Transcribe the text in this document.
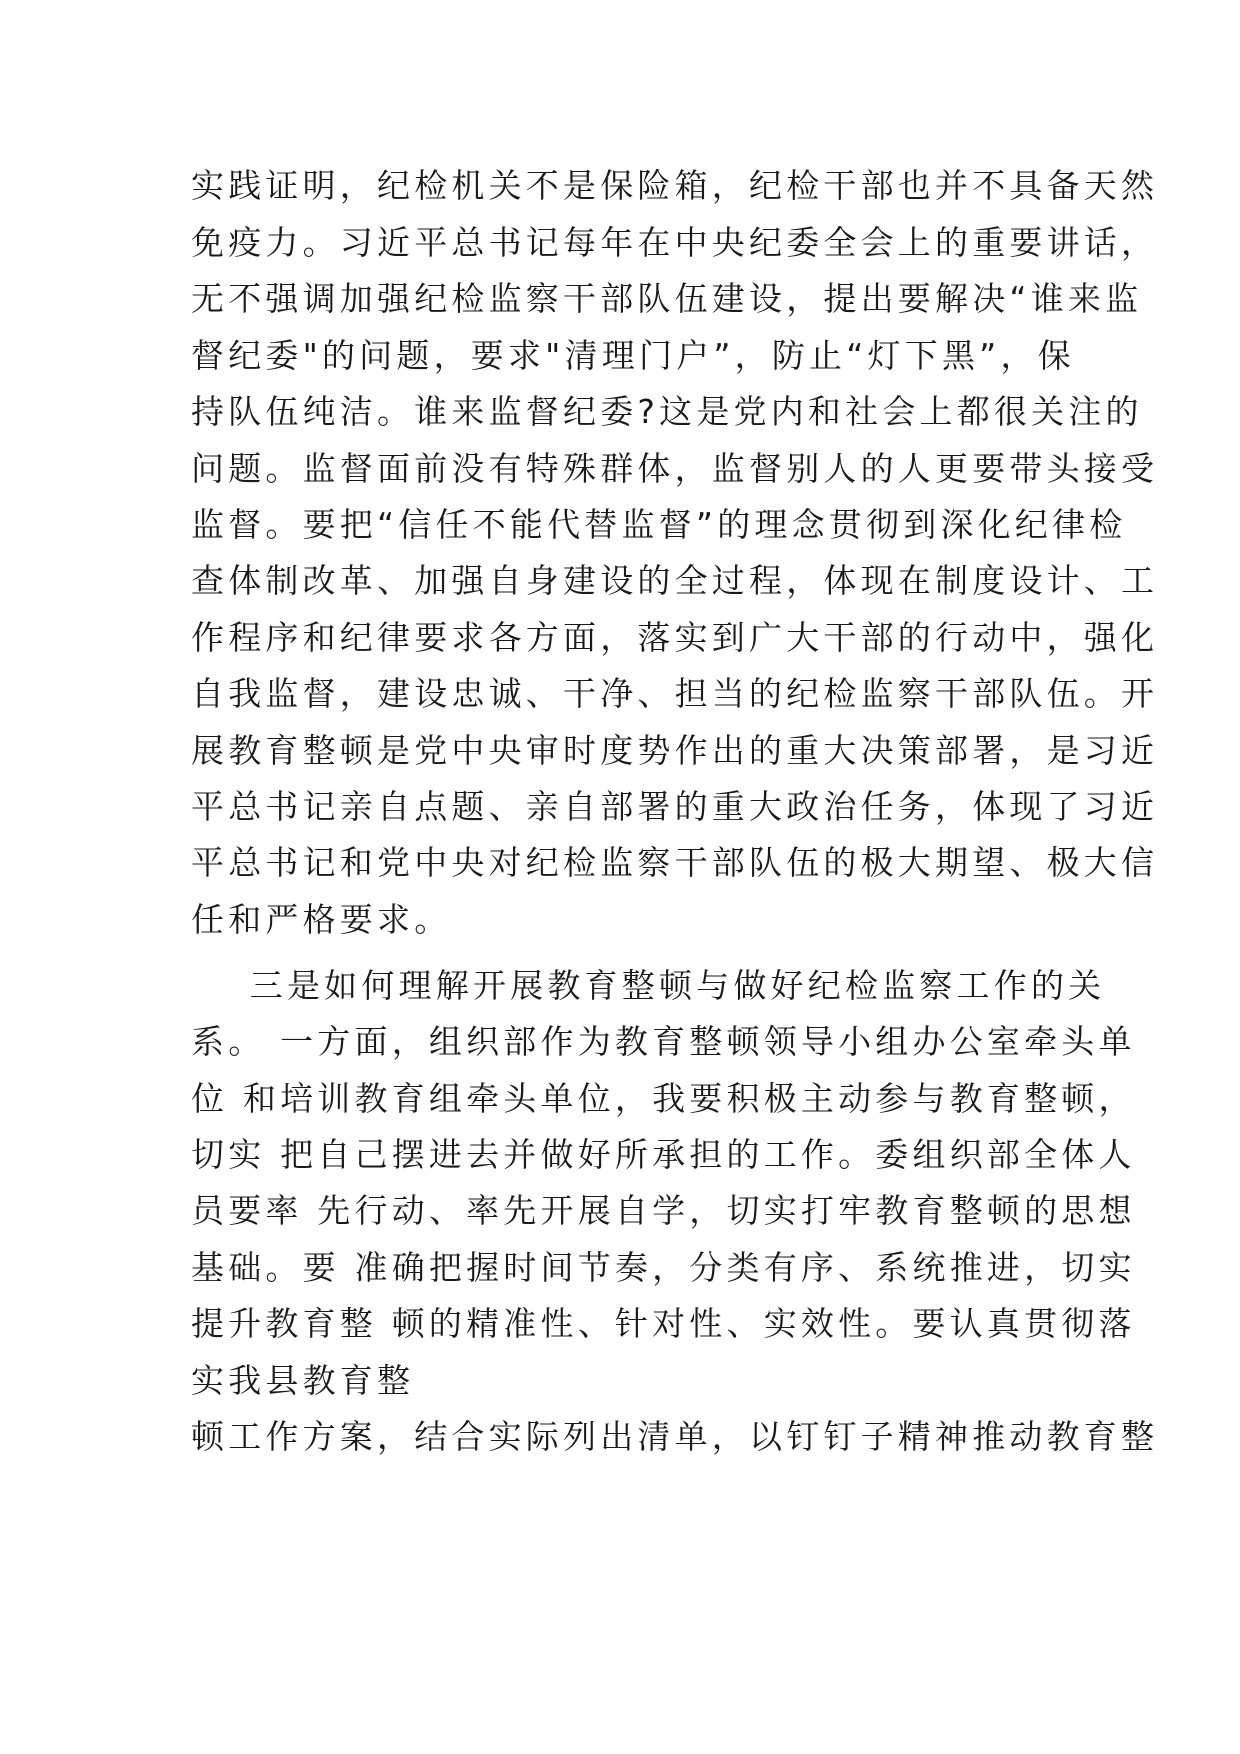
实践证明，纪检机关不是保险箱，纪检干部也并不具备天然

免疫力。习近平总书记每年在中央纪委全会上的重要讲话，

无不强调加强纪检监察干部队伍建设，提出要解决“谁来监

督纪委"的问题，要求"清理门户”，防止“灯下黑”，保

持队伍纯洁。谁来监督纪委?这是党内和社会上都很关注的

问题。监督面前没有特殊群体，监督别人的人更要带头接受

监督。要把“信任不能代替监督”的理念贯彻到深化纪律检

查体制改革、加强自身建设的全过程，体现在制度设计、工

作程序和纪律要求各方面，落实到广大干部的行动中，强化

自我监督，建设忠诚、干净、担当的纪检监察干部队伍。开

展教育整顿是党中央审时度势作出的重大决策部署，是习近

平总书记亲自点题、亲自部署的重大政治任务，体现了习近

平总书记和党中央对纪检监察干部队伍的极大期望、极大信

任和严格要求。

三是如何理解开展教育整顿与做好纪检监察工作的关

系。 一方面，组织部作为教育整顿领导小组办公室牵头单

位 和培训教育组牵头单位，我要积极主动参与教育整顿，

切实 把自己摆进去并做好所承担的工作。委组织部全体人

员要率 先行动、率先开展自学，切实打牢教育整顿的思想

基础。要 准确把握时间节奏，分类有序、系统推进，切实

提升教育整 顿的精准性、针对性、实效性。要认真贯彻落

实我县教育整

顿工作方案，结合实际列出清单，以钉钉子精神推动教育整
